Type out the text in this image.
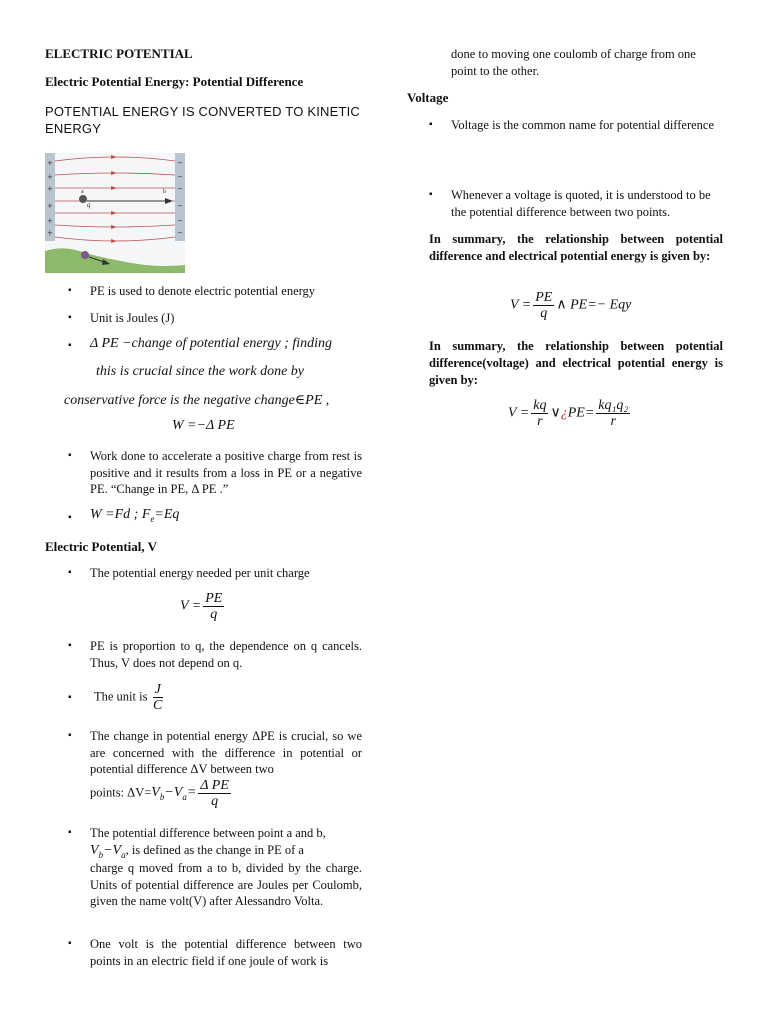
ELECTRIC POTENTIAL
Electric Potential Energy: Potential Difference
POTENTIAL ENERGY IS CONVERTED TO KINETIC ENERGY
+
+
+
+
+
+
−
−
−
−
−
−
q
a	b
▪ PE is used to denote electric potential energy
▪ Unit is Joules (J)
▪ Δ PE −change of potential energy ; finding
this is crucial since the work done by
conservative force is the negative change∈PE ,
W =−Δ PE
▪ Work done to accelerate a positive charge from rest is positive and it results from a loss in PE or a negative PE. “Change in PE, Δ PE .”
▪ W =Fd ; $F_e=Eq$
Electric Potential, V
▪ The potential energy needed per unit charge
$V = \frac{PE}{q}$
▪ PE is proportion to q, the dependence on q cancels. Thus, V does not depend on q.
▪ The unit is $\frac{J}{C}$
▪ The change in potential energy ΔPE is crucial, so we are concerned with the difference in potential or potential difference ΔV between two
points: $\Delta V=V_b-V_a= \frac{\text{Δ PE}}{q}$
▪ The potential difference between point a and b,
$V_b-V_a$, is defined as the change in PE of a
charge q moved from a to b, divided by the charge. Units of potential difference are Joules per Coulomb, given the name volt(V) after Alessandro Volta.
▪ One volt is the potential difference between two points in an electric field if one joule of work is
done to moving one coulomb of charge from one point to the other.
Voltage
▪ Voltage is the common name for potential difference
▪ Whenever a voltage is quoted, it is understood to be the potential difference between two points.
In summary, the relationship between potential difference and electrical potential energy is given by:
$V = \frac{PE}{q}$ ∧ PE=− Eqy
In summary, the relationship between potential difference(voltage) and electrical potential energy is given by:
$V = \frac{kq}{r}$ ∨¿PE= $\frac{\text{kq₁q₂}}{r}$
